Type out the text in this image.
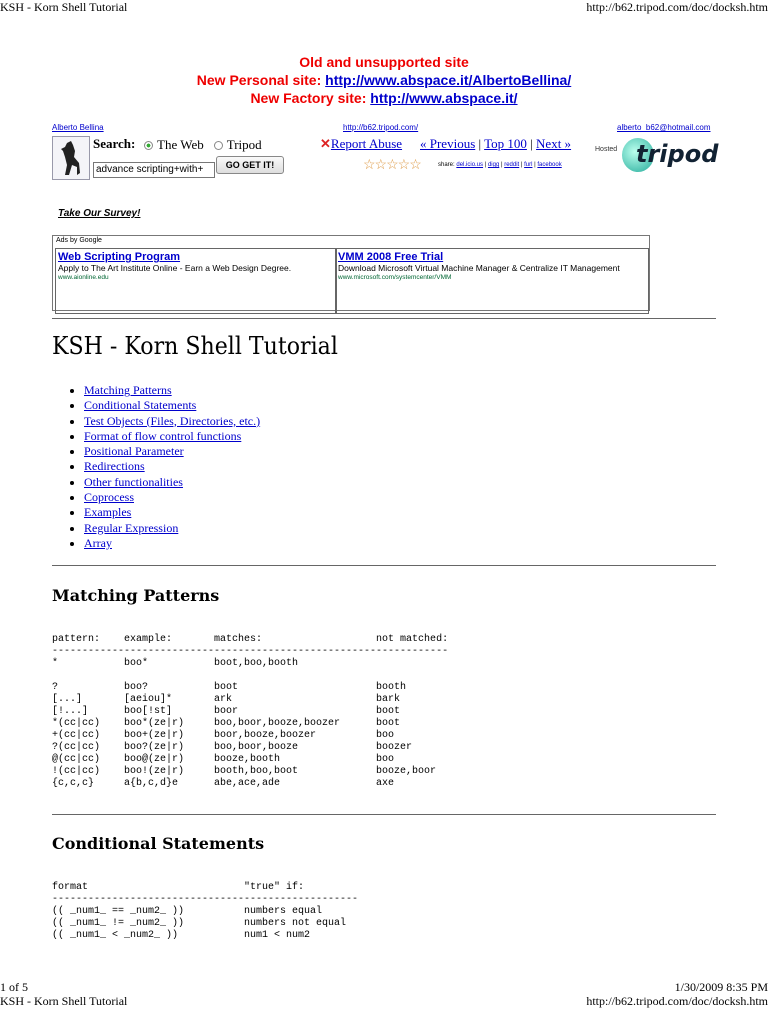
KSH - Korn Shell Tutorial	http://b62.tripod.com/doc/docksh.htm
Old and unsupported site
New Personal site: http://www.abspace.it/AlbertoBellina/
New Factory site: http://www.abspace.it/
Alberto Bellina	http://b62.tripod.com/	alberto_b62@hotmail.com
Search: The Web Tripod
advance scripting+with+	GO GET IT!
✕Report Abuse « Previous | Top 100 | Next »
☆☆☆☆☆	share: del.icio.us | digg | reddit | furl | facebook
Hosted tripod
Take Our Survey!
Ads by Google
Web Scripting Program
Apply to The Art Institute Online - Earn a Web Design Degree.
www.aionline.edu
VMM 2008 Free Trial
Download Microsoft Virtual Machine Manager & Centralize IT Management
www.microsoft.com/systemcenter/VMM
KSH - Korn Shell Tutorial
• Matching Patterns
• Conditional Statements
• Test Objects (Files, Directories, etc.)
• Format of flow control functions
• Positional Parameter
• Redirections
• Other functionalities
• Coprocess
• Examples
• Regular Expression
• Array
Matching Patterns
pattern:    example:       matches:                   not matched:
------------------------------------------------------------------
*           boo*           boot,boo,booth

?           boo?           boot                       booth
[...]       [aeiou]*       ark                        bark
[!...]      boo[!st]       boor                       boot
*(cc|cc)    boo*(ze|r)     boo,boor,booze,boozer      boot
+(cc|cc)    boo+(ze|r)     boor,booze,boozer          boo
?(cc|cc)    boo?(ze|r)     boo,boor,booze             boozer
@(cc|cc)    boo@(ze|r)     booze,booth                boo
!(cc|cc)    boo!(ze|r)     booth,boo,boot             booze,boor
{c,c,c}     a{b,c,d}e      abe,ace,ade                axe
Conditional Statements
format                          "true" if:
---------------------------------------------------
(( _num1_ == _num2_ ))          numbers equal
(( _num1_ != _num2_ ))          numbers not equal
(( _num1_ < _num2_ ))           num1 < num2
1 of 5	1/30/2009 8:35 PM
KSH - Korn Shell Tutorial	http://b62.tripod.com/doc/docksh.htm
